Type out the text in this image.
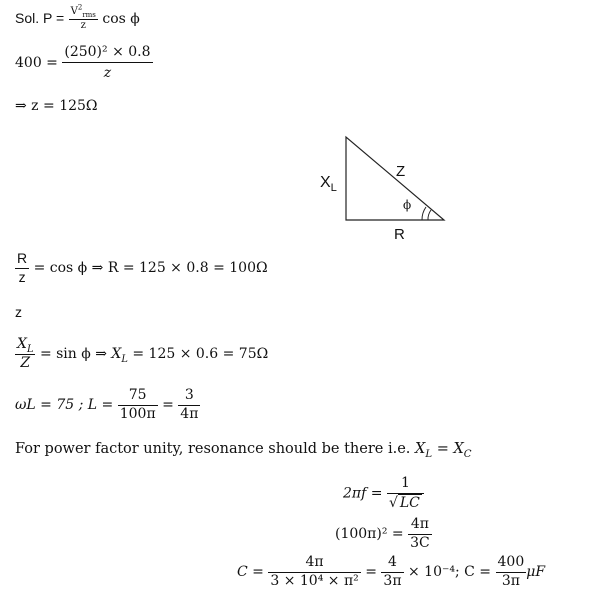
Sol. $P = \frac{V^2_{rms}}{z}$ cos ϕ
$400 = \frac{\text{(250)² × 0.8}}{z}$
⇒ z = 125Ω
$X_L$
Z
R
ϕ
$\frac{R}{z} = \cos \phi$ ⇒ R = 125 × 0.8 = 100Ω
z
$\frac{X_L}{Z} = \sin \phi$ ⇒ $X_L = 125 \times 0.6 = 75\Omega$
ωL = 75 ; $L = \frac{75}{100\pi} = \frac{3}{4\pi}$
For power factor unity, resonance should be there i.e. $X_L = X_C$
$2\pi f = \frac{1}{√ LC}$
$(100\pi)^2 = \frac{4\pi}{3C}$
$C = \frac{4\pi}{\text{3 × 10⁴ × π²}} = \frac{4}{3\pi} \times 10^{-4}$; $C = \frac{400}{3\pi}$ μF
